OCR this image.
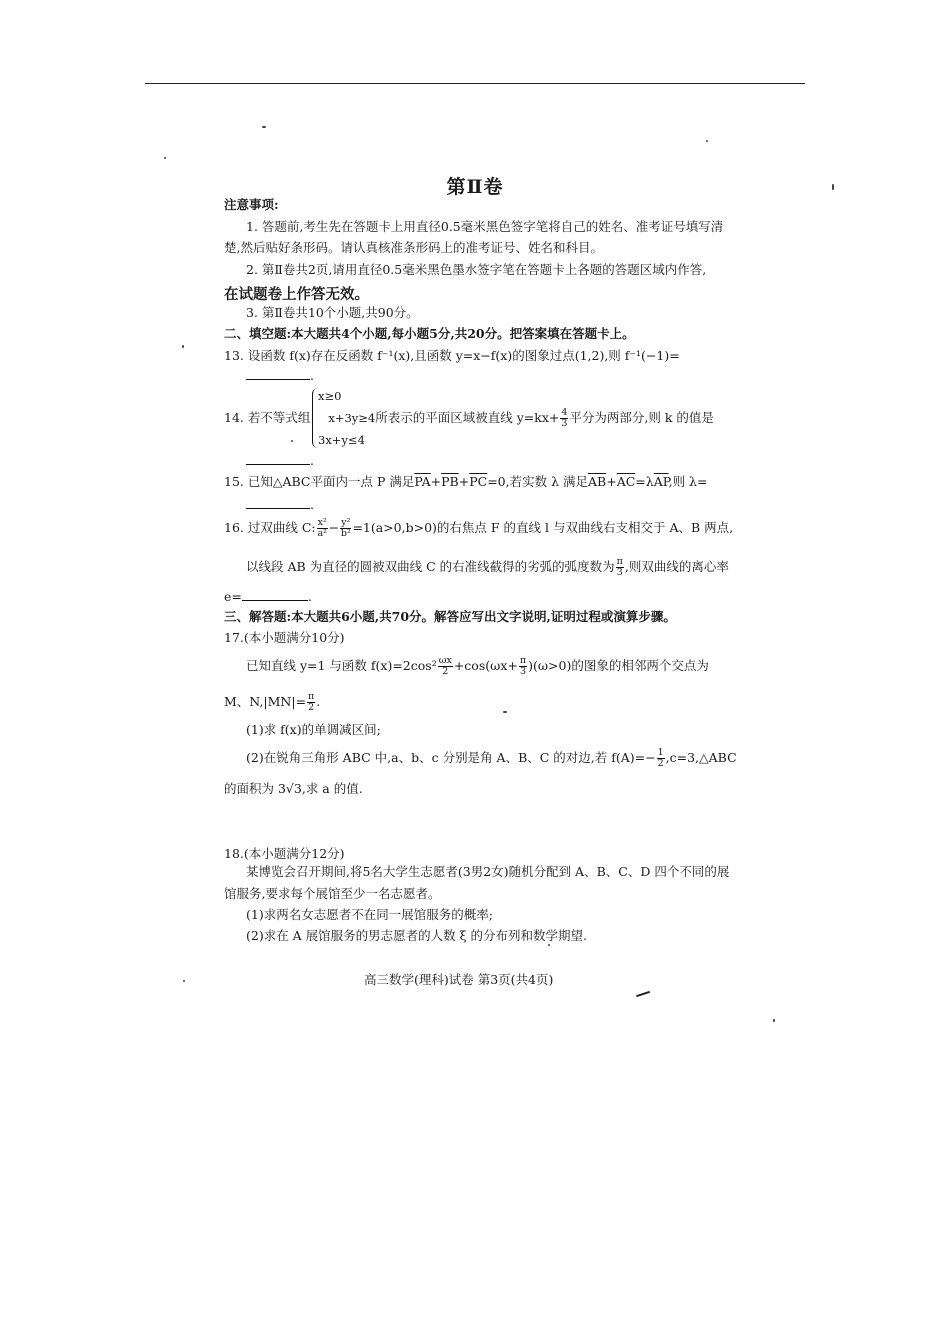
第Ⅱ卷
注意事项:
1. 答题前,考生先在答题卡上用直径0.5毫米黑色签字笔将自己的姓名、准考证号填写清
楚,然后贴好条形码。请认真核准条形码上的准考证号、姓名和科目。
2. 第Ⅱ卷共2页,请用直径0.5毫米黑色墨水签字笔在答题卡上各题的答题区域内作答,
在试题卷上作答无效。
3. 第Ⅱ卷共10个小题,共90分。
二、填空题:本大题共4个小题,每小题5分,共20分。把答案填在答题卡上。
13. 设函数 f(x)存在反函数 f⁻¹(x),且函数 y=x−f(x)的图象过点(1,2),则 f⁻¹(−1)=
.
x≥0
14. 若不等式组 x+3y≥4所表示的平面区域被直线 $y=kx+ \frac{4}{3}$ 平分为两部分,则 k 的值是
3x+y≤4
.
15. 已知△ABC平面内一点 P 满足$\overline{PA}+\overline{PB}+\overline{PC}=0$,若实数 λ 满足$\overline{AB}+\overline{AC}=\lambda\overline{AP}$,则 λ=
.
16. 过双曲线 C: $\frac{\text{x²}}{\text{a²}} - \frac{\text{y²}}{\text{b²}} =1(a>0,b>0)$的右焦点 F 的直线 l 与双曲线右支相交于 A、B 两点,
以线段 AB 为直径的圆被双曲线 C 的右准线截得的劣弧的弧度数为 $\frac{\pi}{3}$ ,则双曲线的离心率
e=	.
三、解答题:本大题共6小题,共70分。解答应写出文字说明,证明过程或演算步骤。
17.(本小题满分10分)
已知直线 y=1 与函数 $f(x)=2\cos^2 \frac{\omega x}{2} +\cos(\omega x+ \frac{\pi}{3} )(\omega>0)$的图象的相邻两个交点为
M、$N,|MN|= \frac{\pi}{2}$ .
(1)求 f(x)的单调减区间;
(2)在锐角三角形 ABC 中,a、b、c 分别是角 A、B、C 的对边,若 $f(A)=- \frac{1}{2}$ ,c=3,△ABC
的面积为 3√3,求 a 的值.
18.(本小题满分12分)
某博览会召开期间,将5名大学生志愿者(3男2女)随机分配到 A、B、C、D 四个不同的展
馆服务,要求每个展馆至少一名志愿者。
(1)求两名女志愿者不在同一展馆服务的概率;
(2)求在 A 展馆服务的男志愿者的人数 ξ 的分布列和数学期望.
高三数学(理科)试卷 第3页(共4页)
